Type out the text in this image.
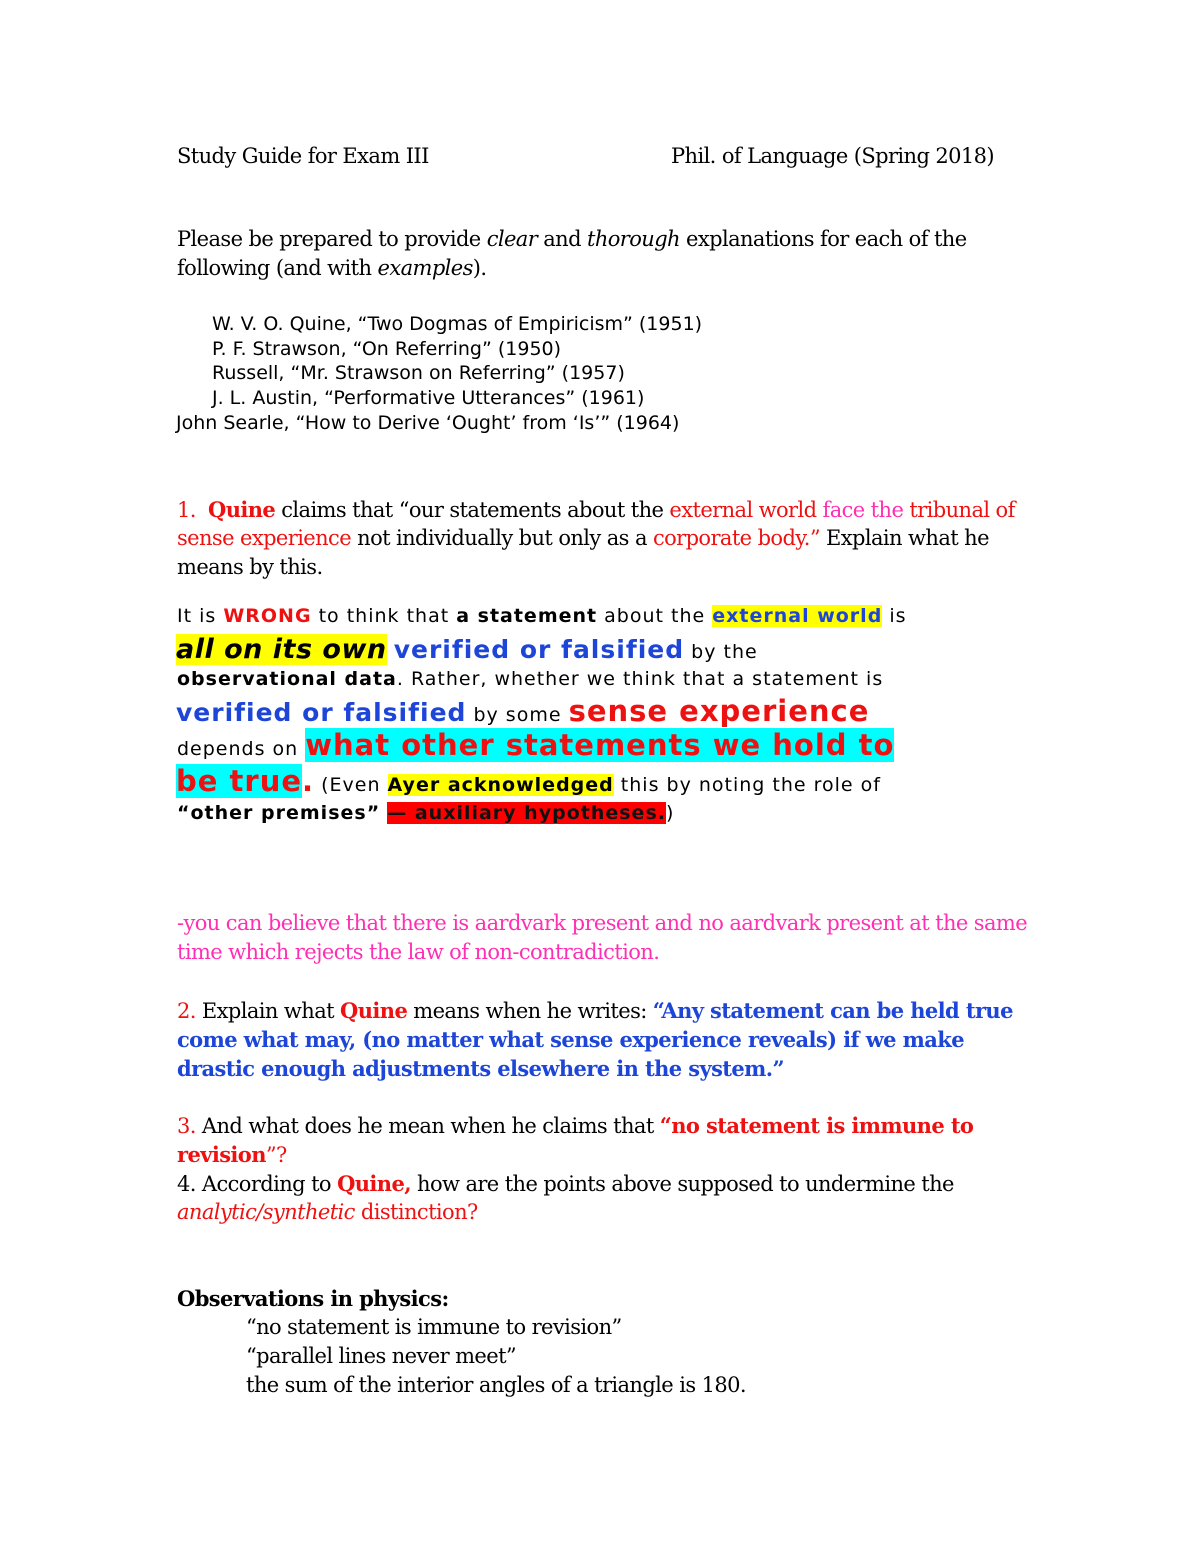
Study Guide for Exam III	Phil. of Language (Spring 2018)
Please be prepared to provide clear and thorough explanations for each of the
following (and with examples).
W. V. O. Quine, “Two Dogmas of Empiricism” (1951)
P. F. Strawson, “On Referring” (1950)
Russell, “Mr. Strawson on Referring” (1957)
J. L. Austin, “Performative Utterances” (1961)
John Searle, “How to Derive ‘Ought’ from ‘Is’” (1964)
1. Quine claims that “our statements about the external world face the tribunal of
sense experience not individually but only as a corporate body.” Explain what he
means by this.
It is WRONG to think that a statement about the external world is
all on its own verified or falsified by the
observational data. Rather, whether we think that a statement is
verified or falsified by some sense experience
depends on what other statements we hold to
be true. (Even Ayer acknowledged this by noting the role of
“other premises” — auxiliary hypotheses.)
-you can believe that there is aardvark present and no aardvark present at the same
time which rejects the law of non-contradiction.
2. Explain what Quine means when he writes: “Any statement can be held true
come what may, (no matter what sense experience reveals) if we make
drastic enough adjustments elsewhere in the system.”
3. And what does he mean when he claims that “no statement is immune to
revision”?
4. According to Quine, how are the points above supposed to undermine the
analytic/synthetic distinction?
Observations in physics:
“no statement is immune to revision”
“parallel lines never meet”
the sum of the interior angles of a triangle is 180.
